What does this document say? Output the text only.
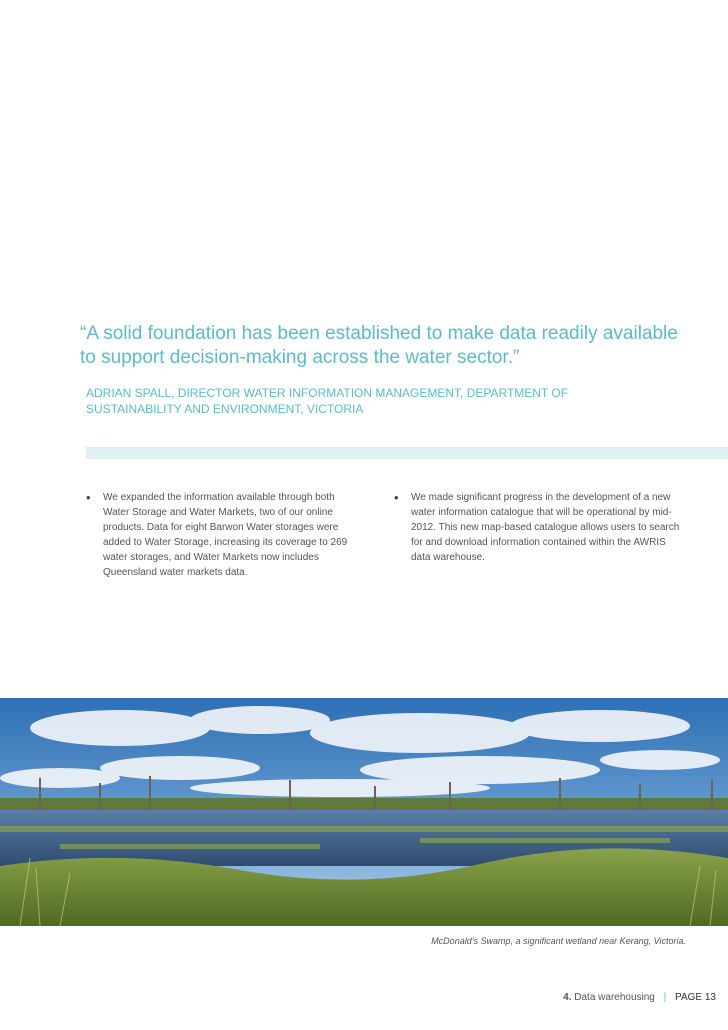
“A solid foundation has been established to make data readily available
to support decision-making across the water sector.”
ADRIAN SPALL, DIRECTOR WATER INFORMATION MANAGEMENT, DEPARTMENT OF
SUSTAINABILITY AND ENVIRONMENT, VICTORIA
• We expanded the information available through both Water Storage and Water Markets, two of our online products. Data for eight Barwon Water storages were added to Water Storage, increasing its coverage to 269 water storages, and Water Markets now includes Queensland water markets data.
• We made significant progress in the development of a new water information catalogue that will be operational by mid-2012. This new map-based catalogue allows users to search for and download information contained within the AWRIS data warehouse.
McDonald’s Swamp, a significant wetland near Kerang, Victoria.
4. Data warehousing | PAGE 13
